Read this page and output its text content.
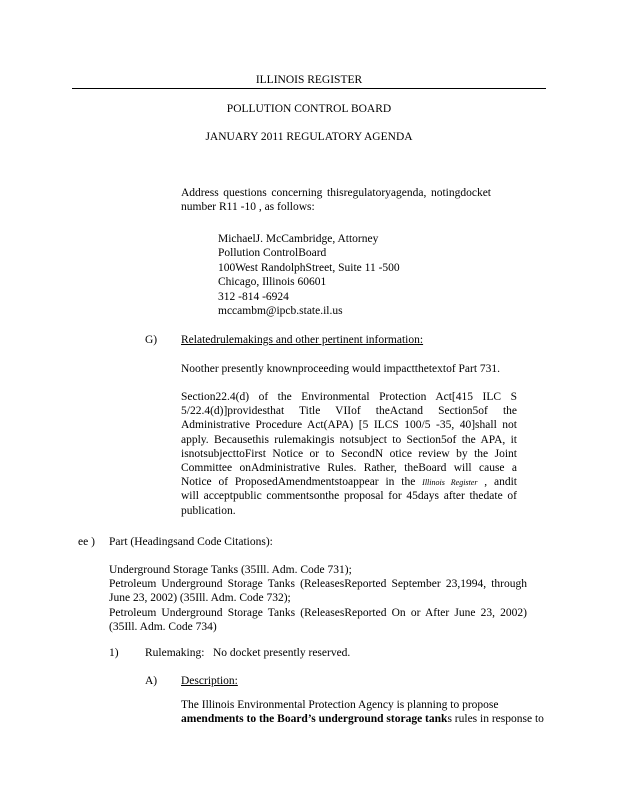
ILLINOIS REGISTER
POLLUTION CONTROL BOARD
JANUARY 2011 REGULATORY AGENDA
Address questions concerning thisregulatoryagenda, notingdocket
number R11 -10 , as follows:
MichaelJ. McCambridge, Attorney
Pollution ControlBoard
100West RandolphStreet, Suite 11 -500
Chicago, Illinois 60601
312 -814 -6924
mccambm@ipcb.state.il.us
G) Relatedrulemakings and other pertinent information:
Noother presently knownproceeding would impactthetextof Part 731.
Section22.4(d) of the Environmental Protection Act[415 ILC S
5/22.4(d)]providesthat Title VIIof theActand Section5of the
Administrative Procedure Act(APA) [5 ILCS 100/5 -35, 40]shall not
apply. Becausethis rulemakingis notsubject to Section5of the APA, it
isnotsubjecttoFirst Notice or to SecondN otice review by the Joint
Committee onAdministrative Rules. Rather, theBoard will cause a
Notice of ProposedAmendmentstoappear in the Illinois Register , andit
will acceptpublic commentsonthe proposal for 45days after thedate of
publication.
ee ) Part (Headingsand Code Citations):
Underground Storage Tanks (35Ill. Adm. Code 731);
Petroleum Underground Storage Tanks (ReleasesReported September 23,1994, through
June 23, 2002) (35Ill. Adm. Code 732);
Petroleum Underground Storage Tanks (ReleasesReported On or After June 23, 2002)
(35Ill. Adm. Code 734)
1) Rulemaking: No docket presently reserved.
A) Description:
The Illinois Environmental Protection Agency is planning to propose
amendments to the Board’s underground storage tanks rules in response to
